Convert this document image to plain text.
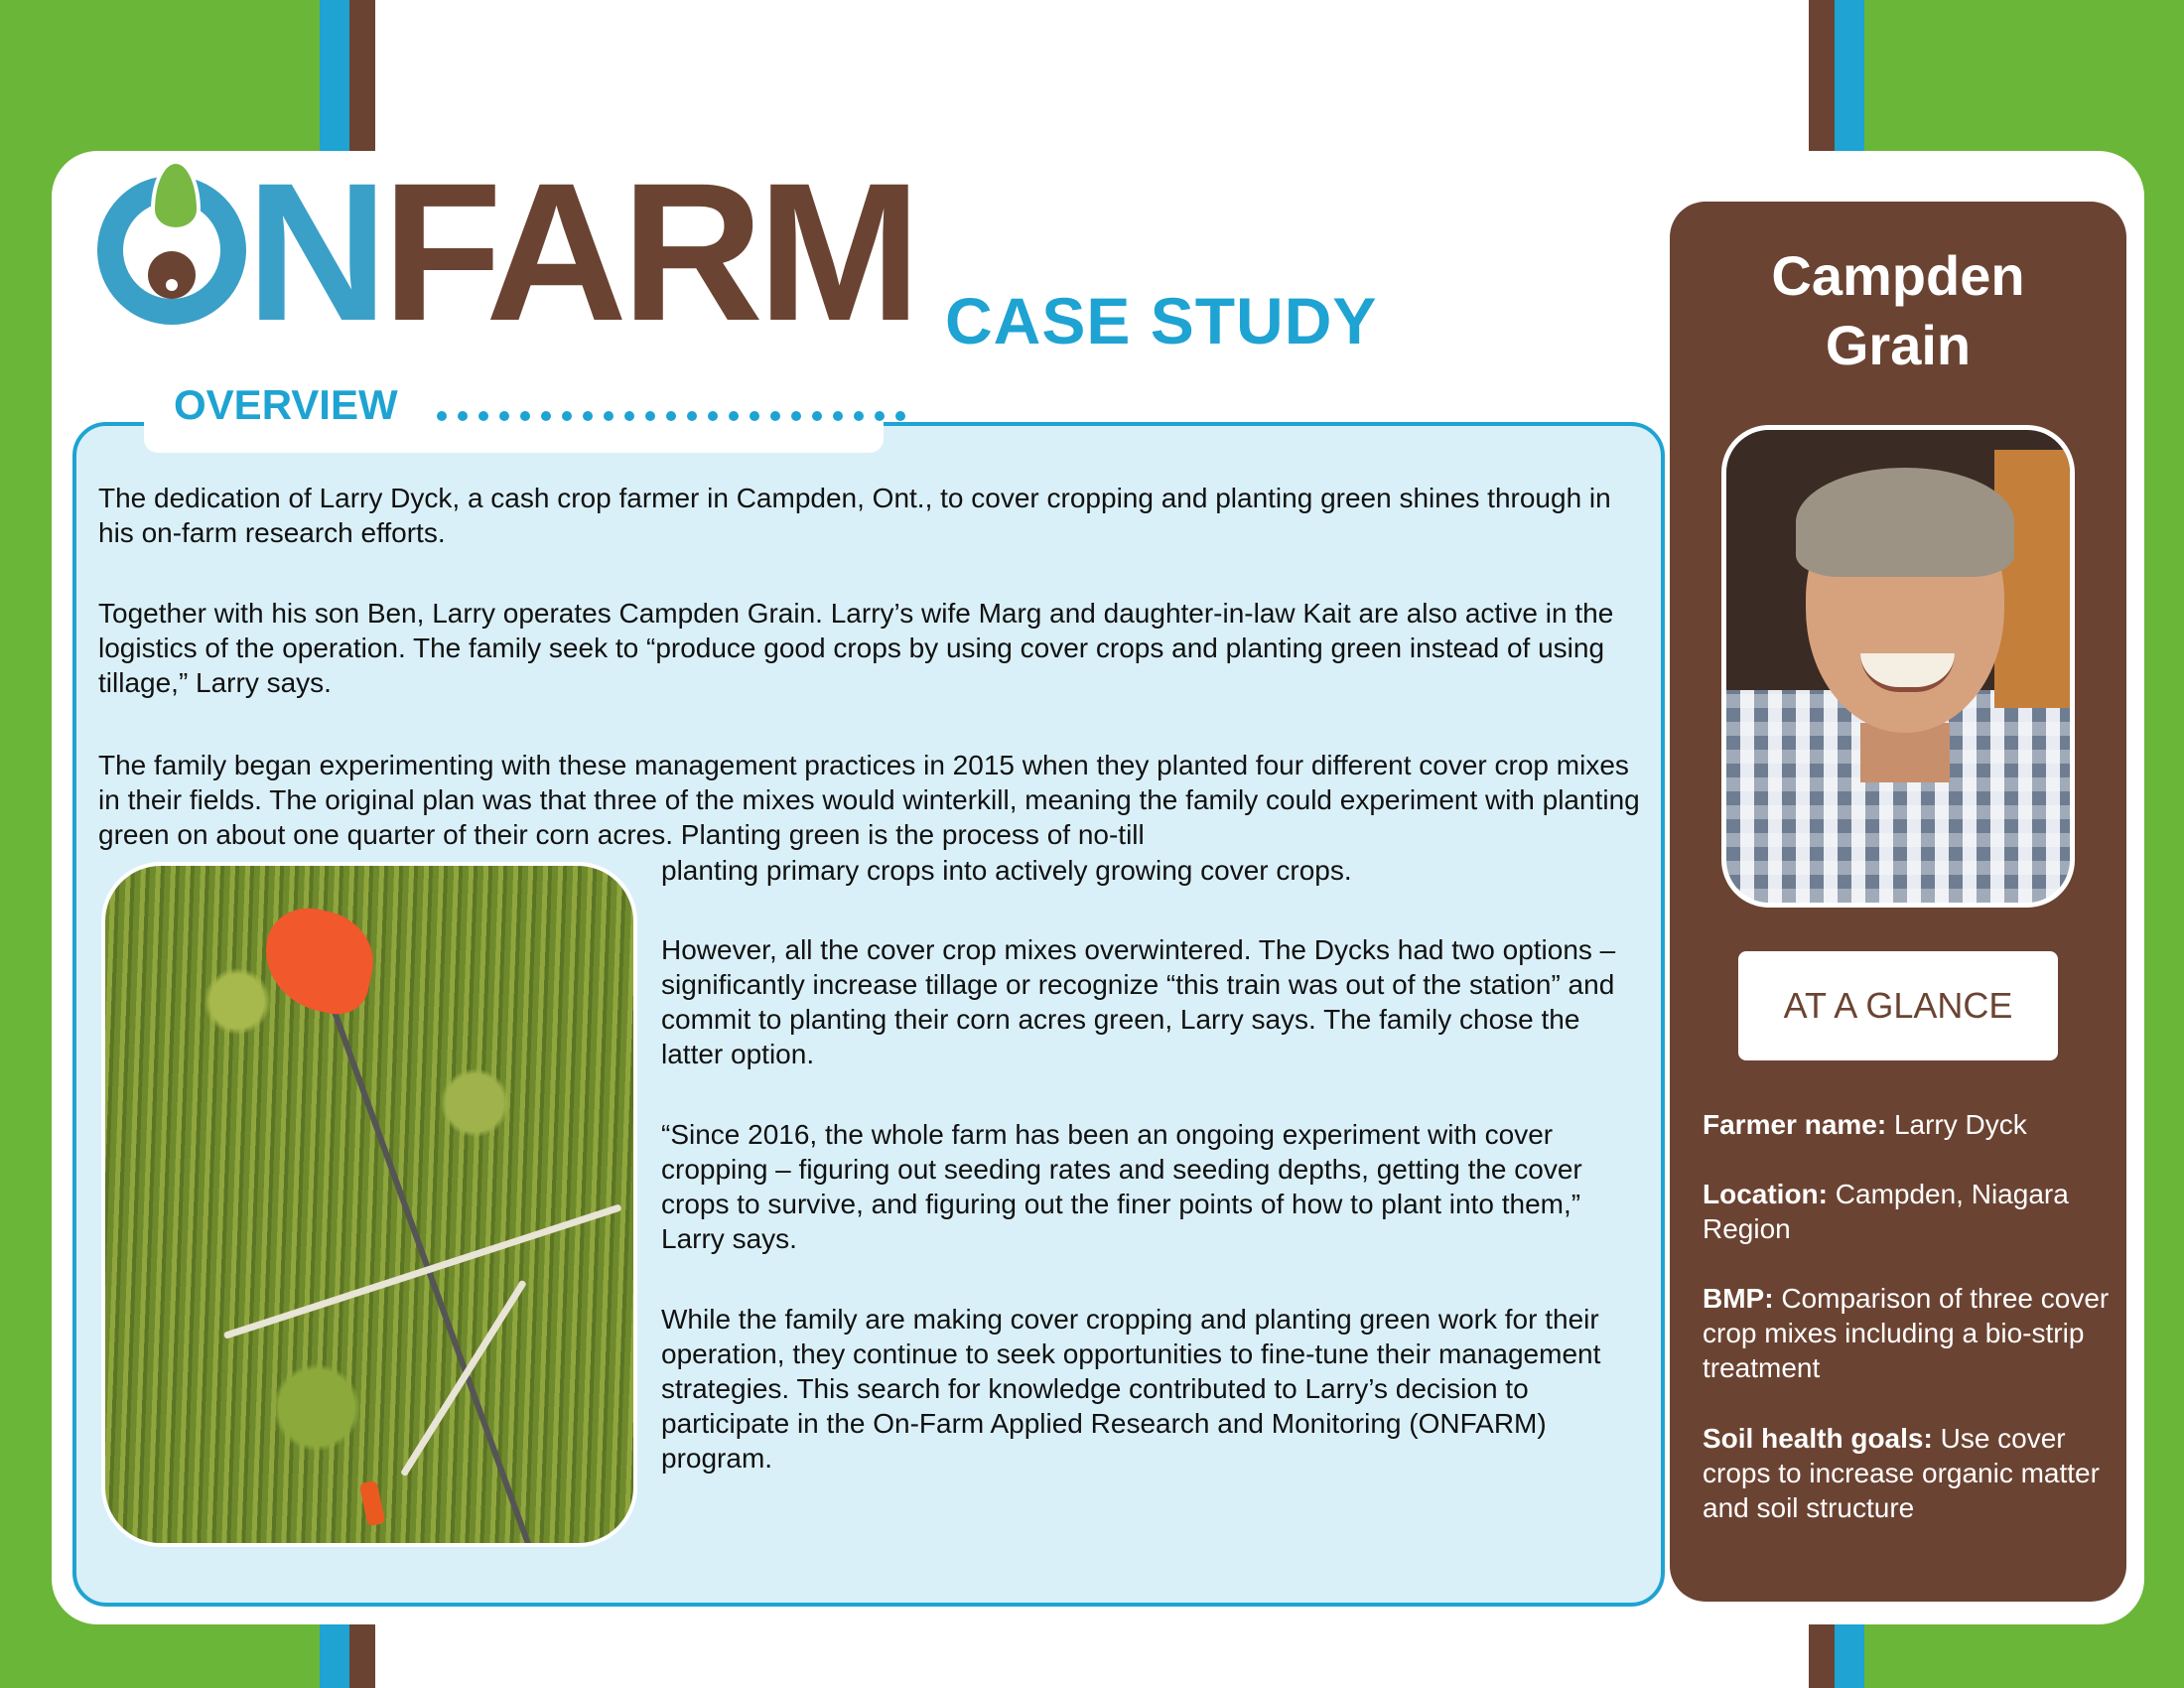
NFARM CASE STUDY
OVERVIEW

The dedication of Larry Dyck, a cash crop farmer in Campden, Ont., to cover cropping and planting green shines through in his on-farm research efforts.

Together with his son Ben, Larry operates Campden Grain. Larry’s wife Marg and daughter-in-law Kait are also active in the logistics of the operation. The family seek to “produce good crops by using cover crops and planting green instead of using tillage,” Larry says.

The family began experimenting with these management practices in 2015 when they planted four different cover crop mixes in their fields. The original plan was that three of the mixes would winterkill, meaning the family could experiment with planting green on about one quarter of their corn acres. Planting green is the process of no-till

planting primary crops into actively growing cover crops.

However, all the cover crop mixes overwintered. The Dycks had two options – significantly increase tillage or recognize “this train was out of the station” and commit to planting their corn acres green, Larry says. The family chose the latter option.

“Since 2016, the whole farm has been an ongoing experiment with cover cropping – figuring out seeding rates and seeding depths, getting the cover crops to survive, and figuring out the finer points of how to plant into them,” Larry says.

While the family are making cover cropping and planting green work for their operation, they continue to seek opportunities to fine-tune their management strategies. This search for knowledge contributed to Larry’s decision to participate in the On-Farm Applied Research and Monitoring (ONFARM) program.

Campden
Grain

AT A GLANCE

Farmer name: Larry Dyck

Location: Campden, Niagara Region

BMP: Comparison of three cover crop mixes including a bio-strip treatment

Soil health goals: Use cover crops to increase organic matter and soil structure
